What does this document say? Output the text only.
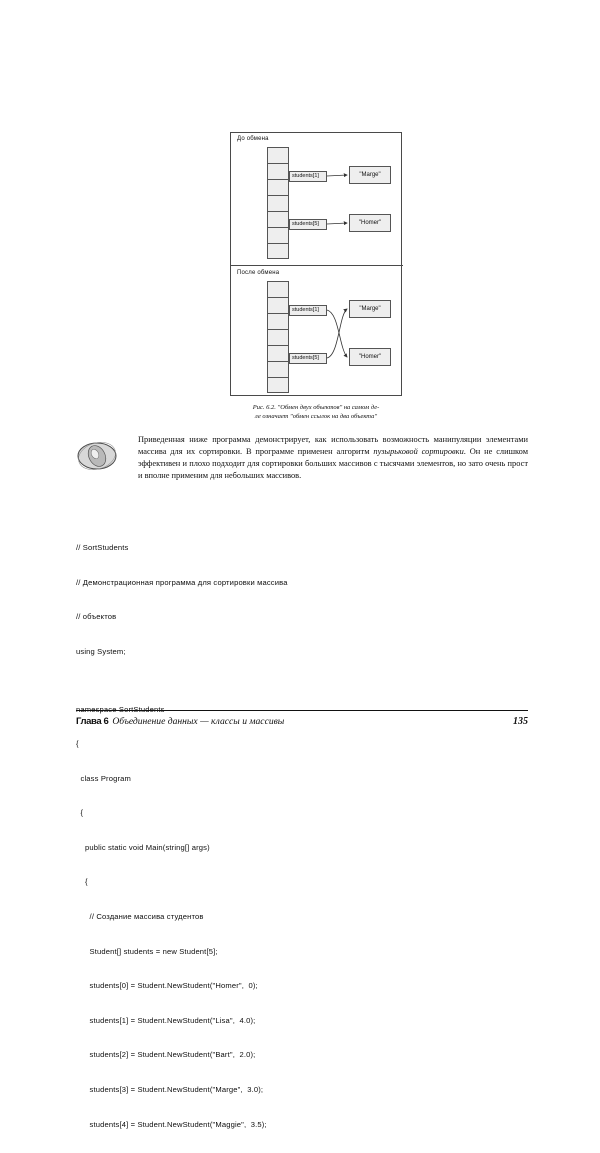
До обмена
После обмена
students[1]
students[5]
"Marge"
"Homer"
students[1]
students[5]
"Marge"
"Homer"
Рис. 6.2. "Обмен двух объектов" на самом де-
ле означает "обмен ссылок на два объекта"
Приведенная ниже программа демонстрирует, как использовать возможность манипуляции элементами массива для их сортировки. В программе применен алгоритм пузырьковой сортировки. Он не слишком эффективен и плохо подходит для сортировки больших массивов с тысячами элементов, но зато очень прост и вполне применим для небольших массивов.

// SortStudents

// Демонстрационная программа для сортировки массива

// объектов

using System;

namespace SortStudents

{

class Program

{

public static void Main(string[] args)

{

// Создание массива студентов

Student[] students = new Student[5];

students[0] = Student.NewStudent("Homer",  0);

students[1] = Student.NewStudent("Lisa",  4.0);

students[2] = Student.NewStudent("Bart",  2.0);

students[3] = Student.NewStudent("Marge",  3.0);

students[4] = Student.NewStudent("Maggie",  3.5);

Глава 6 Объединение данных — классы и массивы	135
